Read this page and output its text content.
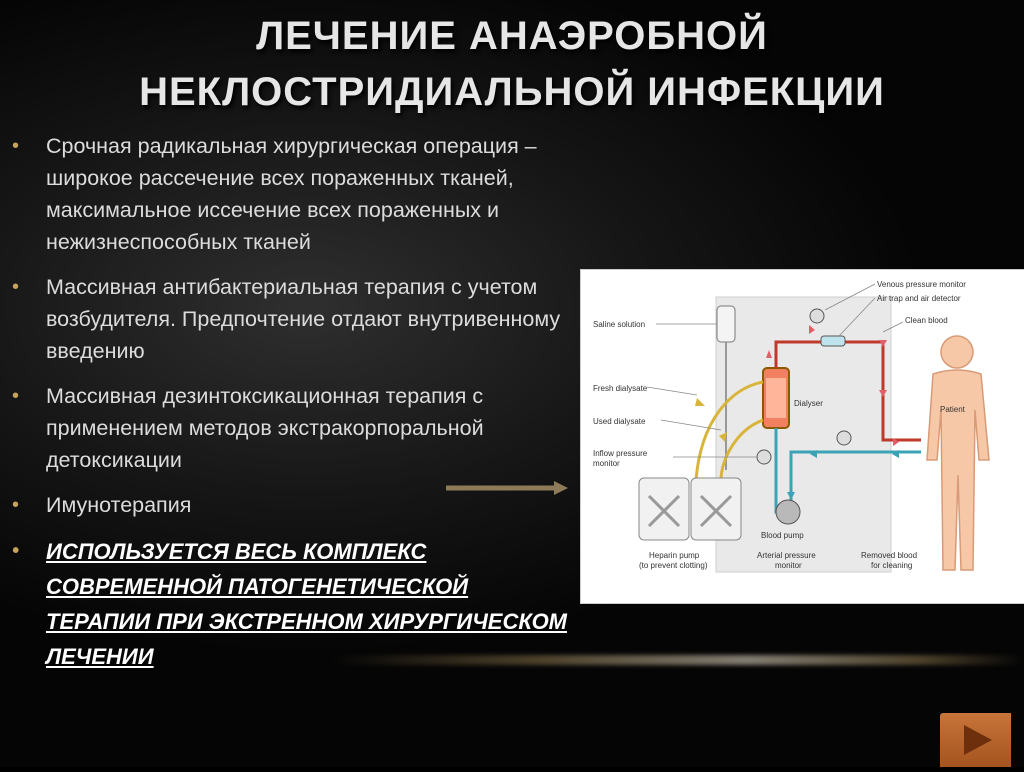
ЛЕЧЕНИЕ АНАЭРОБНОЙ
НЕКЛОСТРИДИАЛЬНОЙ ИНФЕКЦИИ
• Срочная радикальная хирургическая операция – широкое рассечение всех пораженных тканей, максимальное иссечение всех пораженных и нежизнеспособных тканей
• Массивная антибактериальная терапия с учетом возбудителя. Предпочтение отдают внутривенному введению
• Массивная дезинтоксикационная терапия с применением методов экстракорпоральной детоксикации
• Имунотерапия
• ИСПОЛЬЗУЕТСЯ ВЕСЬ КОМПЛЕКС СОВРЕМЕННОЙ ПАТОГЕНЕТИЧЕСКОЙ ТЕРАПИИ ПРИ ЭКСТРЕННОМ ХИРУРГИЧЕСКОМ ЛЕЧЕНИИ
Venous pressure monitor
Air trap and air detector
Clean blood
Saline solution
Fresh dialysate
Used dialysate
Dialyser
Patient
Inflow pressure
monitor
Blood pump
Heparin pump
(to prevent clotting)
Arterial pressure
monitor
Removed blood
for cleaning
